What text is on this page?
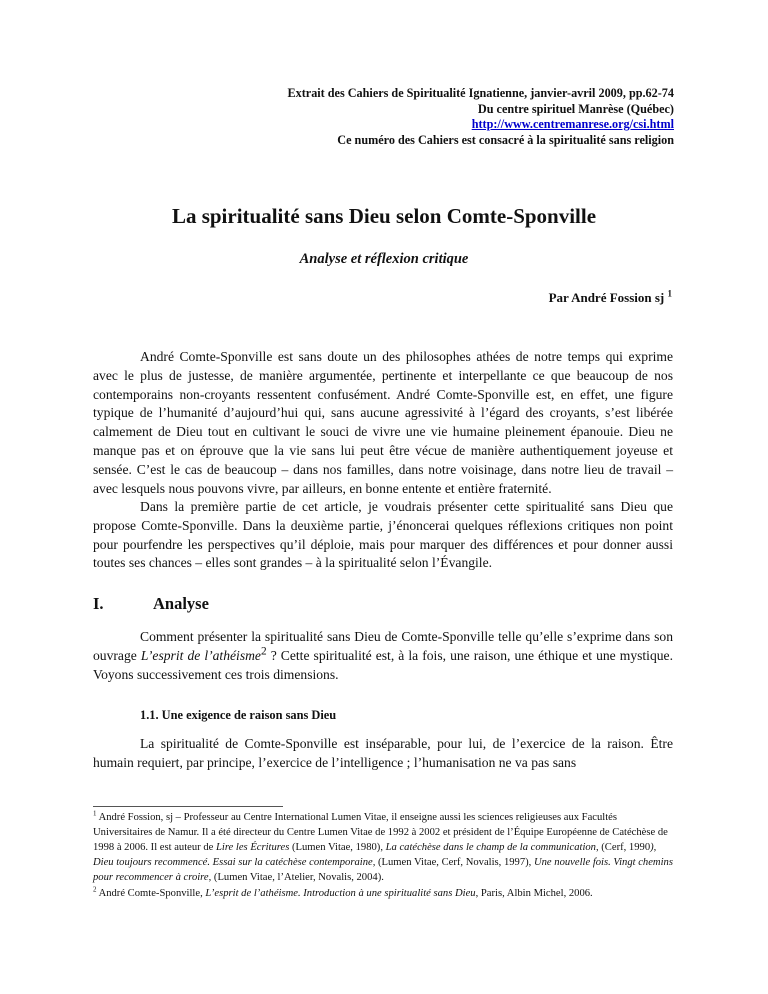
Extrait des Cahiers de Spiritualité Ignatienne, janvier-avril 2009, pp.62-74
Du centre spirituel Manrèse (Québec)
http://www.centremanrese.org/csi.html
Ce numéro des Cahiers est consacré à la spiritualité sans religion
La spiritualité sans Dieu selon Comte-Sponville
Analyse et réflexion critique
Par André Fossion sj $^1$

André Comte-Sponville est sans doute un des philosophes athées de notre temps qui exprime avec le plus de justesse, de manière argumentée, pertinente et interpellante ce que beaucoup de nos contemporains non-croyants ressentent confusément. André Comte-Sponville est, en effet, une figure typique de l’humanité d’aujourd’hui qui, sans aucune agressivité à l’égard des croyants, s’est libérée calmement de Dieu tout en cultivant le souci de vivre une vie humaine pleinement épanouie. Dieu ne manque pas et on éprouve que la vie sans lui peut être vécue de manière authentiquement joyeuse et sensée. C’est le cas de beaucoup – dans nos familles, dans notre voisinage, dans notre lieu de travail – avec lesquels nous pouvons vivre, par ailleurs, en bonne entente et entière fraternité.

Dans la première partie de cet article, je voudrais présenter cette spiritualité sans Dieu que propose Comte-Sponville. Dans la deuxième partie, j’énoncerai quelques réflexions critiques non point pour pourfendre les perspectives qu’il déploie, mais pour marquer des différences et pour donner aussi toutes ses chances – elles sont grandes – à la spiritualité selon l’Évangile.

I.	Analyse

Comment présenter la spiritualité sans Dieu de Comte-Sponville telle qu’elle s’exprime dans son ouvrage L’esprit de l’athéisme$^2$ ? Cette spiritualité est, à la fois, une raison, une éthique et une mystique. Voyons successivement ces trois dimensions.

1.1. Une exigence de raison sans Dieu

La spiritualité de Comte-Sponville est inséparable, pour lui, de l’exercice de la raison. Être humain requiert, par principe, l’exercice de l’intelligence ; l’humanisation ne va pas sans

$^1$ André Fossion, sj – Professeur au Centre International Lumen Vitae, il enseigne aussi les sciences religieuses aux Facultés Universitaires de Namur. Il a été directeur du Centre Lumen Vitae de 1992 à 2002 et président de l’Équipe Européenne de Catéchèse de 1998 à 2006. Il est auteur de Lire les Écritures (Lumen Vitae, 1980), La catéchèse dans le champ de la communication, (Cerf, 1990), Dieu toujours recommencé. Essai sur la catéchèse contemporaine, (Lumen Vitae, Cerf, Novalis, 1997), Une nouvelle fois. Vingt chemins pour recommencer à croire, (Lumen Vitae, l’Atelier, Novalis, 2004).
$^2$ André Comte-Sponville, L’esprit de l’athéisme. Introduction à une spiritualité sans Dieu, Paris, Albin Michel, 2006.
